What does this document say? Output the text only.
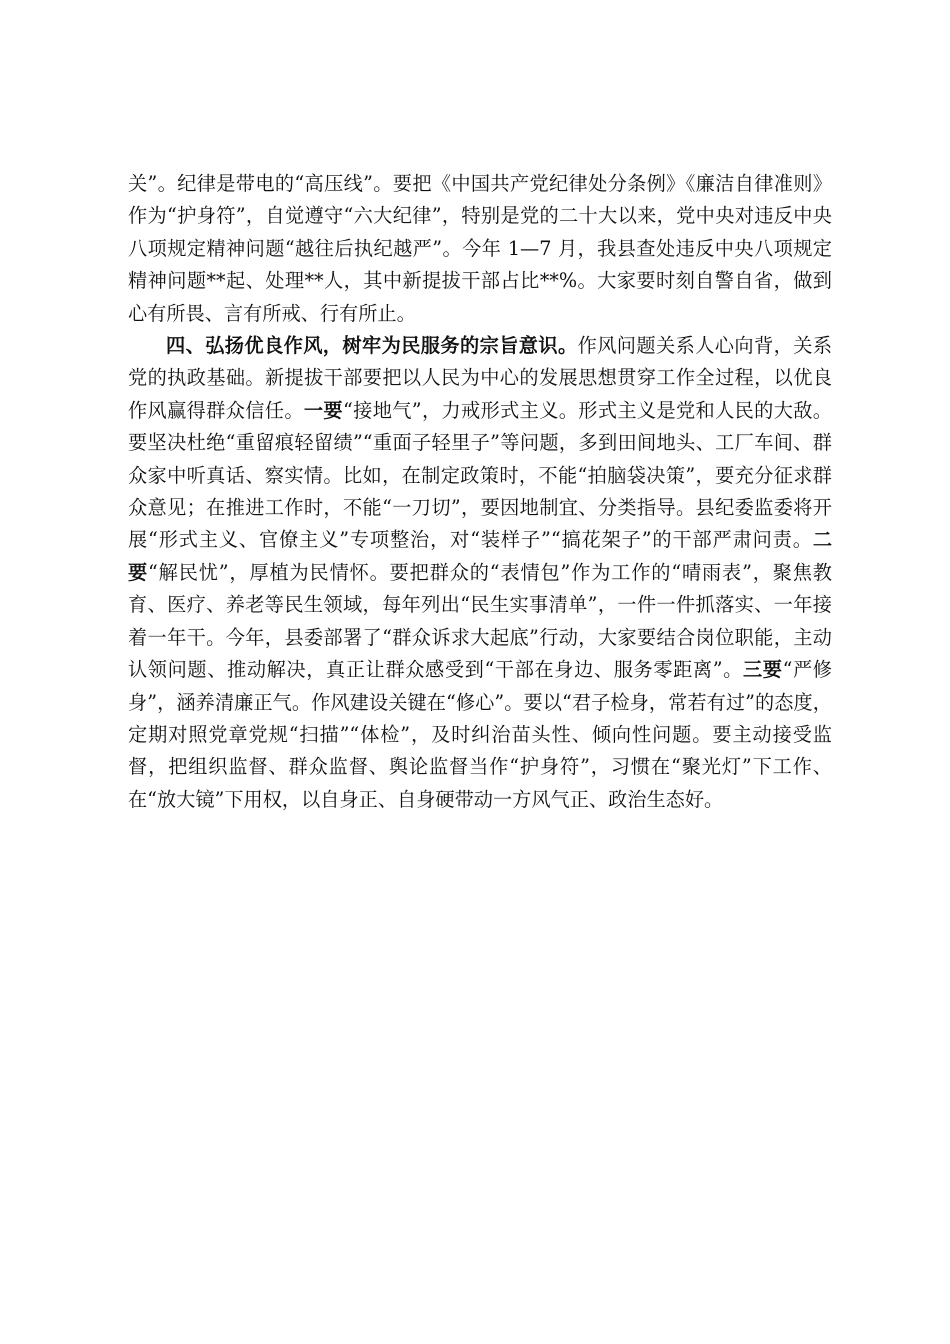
关”。纪律是带电的“高压线”。要把《中国共产党纪律处分条例》《廉洁自律准则》作为“护身符”，自觉遵守“六大纪律”，特别是党的二十大以来，党中央对违反中央八项规定精神问题“越往后执纪越严”。今年 1—7 月，我县查处违反中央八项规定精神问题**起、处理**人，其中新提拔干部占比**%。大家要时刻自警自省，做到心有所畏、言有所戒、行有所止。

四、弘扬优良作风，树牢为民服务的宗旨意识。作风问题关系人心向背，关系党的执政基础。新提拔干部要把以人民为中心的发展思想贯穿工作全过程，以优良作风赢得群众信任。一要“接地气”，力戒形式主义。形式主义是党和人民的大敌。要坚决杜绝“重留痕轻留绩”“重面子轻里子”等问题，多到田间地头、工厂车间、群众家中听真话、察实情。比如，在制定政策时，不能“拍脑袋决策”，要充分征求群众意见；在推进工作时，不能“一刀切”，要因地制宜、分类指导。县纪委监委将开展“形式主义、官僚主义”专项整治，对“装样子”“搞花架子”的干部严肃问责。二要“解民忧”，厚植为民情怀。要把群众的“表情包”作为工作的“晴雨表”，聚焦教育、医疗、养老等民生领域，每年列出“民生实事清单”，一件一件抓落实、一年接着一年干。今年，县委部署了“群众诉求大起底”行动，大家要结合岗位职能，主动认领问题、推动解决，真正让群众感受到“干部在身边、服务零距离”。三要“严修身”，涵养清廉正气。作风建设关键在“修心”。要以“君子检身，常若有过”的态度，定期对照党章党规“扫描”“体检”，及时纠治苗头性、倾向性问题。要主动接受监督，把组织监督、群众监督、舆论监督当作“护身符”，习惯在“聚光灯”下工作、在“放大镜”下用权，以自身正、自身硬带动一方风气正、政治生态好。
